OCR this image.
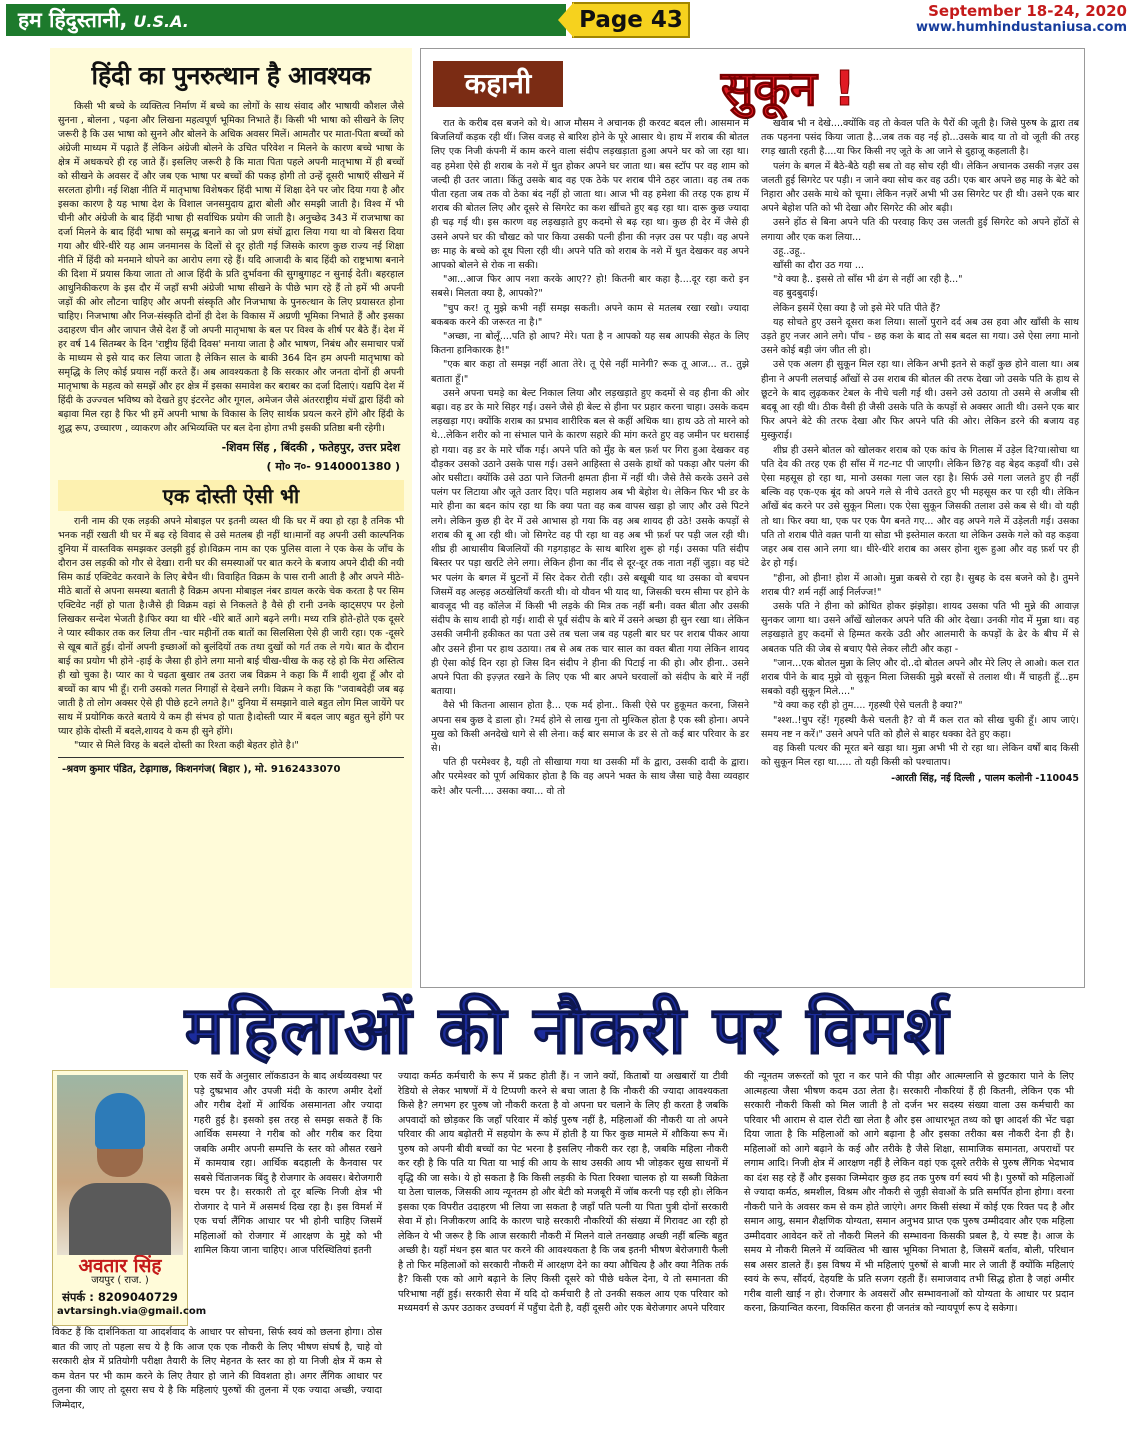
हम हिंदुस्तानी, U.S.A.	Page 43	September 18-24, 2020
www.humhindustaniusa.com
हिंदी का पुनरुत्थान है आवश्यक

किसी भी बच्चे के व्यक्तित्व निर्माण में बच्चे का लोगों के साथ संवाद और भाषायी कौशल जैसे सुनना , बोलना , पढ़ना और लिखना महत्वपूर्ण भूमिका निभाते हैं। किसी भी भाषा को सीखने के लिए जरूरी है कि उस भाषा को सुनने और बोलने के अधिक अवसर मिलें। आमतौर पर माता-पिता बच्चों को अंग्रेजी माध्यम में पढ़ाते हैं लेकिन अंग्रेजी बोलने के उचित परिवेश न मिलने के कारण बच्चे भाषा के क्षेत्र में अधकचरे ही रह जाते हैं। इसलिए जरूरी है कि माता पिता पहले अपनी मातृभाषा में ही बच्चों को सीखने के अवसर दें और जब एक भाषा पर बच्चों की पकड़ होगी तो उन्हें दूसरी भाषाएँ सीखने में सरलता होगी। नई शिक्षा नीति में मातृभाषा विशेषकर हिंदी भाषा में शिक्षा देने पर जोर दिया गया है और इसका कारण है यह भाषा देश के विशाल जनसमुदाय द्वारा बोली और समझी जाती है। विश्व में भी चीनी और अंग्रेजी के बाद हिंदी भाषा ही सर्वाधिक प्रयोग की जाती है। अनुच्छेद 343 में राजभाषा का दर्जा मिलने के बाद हिंदी भाषा को समृद्ध बनाने का जो प्रण संघों द्वारा लिया गया था वो बिसरा दिया गया और धीरे-धीरे यह आम जनमानस के दिलों से दूर होती गई जिसके कारण कुछ राज्य नई शिक्षा नीति में हिंदी को मनमाने थोपने का आरोप लगा रहे हैं। यदि आजादी के बाद हिंदी को राष्ट्रभाषा बनाने की दिशा में प्रयास किया जाता तो आज हिंदी के प्रति दुर्भावना की सुगबुगाहट न सुनाई देती। बहरहाल आधुनिकीकरण के इस दौर में जहाँ सभी अंग्रेजी भाषा सीखने के पीछे भाग रहे हैं तो हमें भी अपनी जड़ों की ओर लौटना चाहिए और अपनी संस्कृति और निजभाषा के पुनरुत्थान के लिए प्रयासरत होना चाहिए। निजभाषा और निज-संस्कृति दोनों ही देश के विकास में अग्रणी भूमिका निभाते हैं और इसका उदाहरण चीन और जापान जैसे देश हैं जो अपनी मातृभाषा के बल पर विश्व के शीर्ष पर बैठे हैं। देश में हर वर्ष 14 सितम्बर के दिन 'राष्ट्रीय हिंदी दिवस' मनाया जाता है और भाषण, निबंध और समाचार पत्रों के माध्यम से इसे याद कर लिया जाता है लेकिन साल के बाकी 364 दिन हम अपनी मातृभाषा को समृद्धि के लिए कोई प्रयास नहीं करते हैं। अब आवश्यकता है कि सरकार और जनता दोनों ही अपनी मातृभाषा के महत्व को समझें और हर क्षेत्र में इसका समावेश कर बराबर का दर्जा दिलाएं। यद्यपि देश में हिंदी के उज्ज्वल भविष्य को देखते हुए इंटरनेट और गूगल, अमेजन जैसे अंतरराष्ट्रीय मंचों द्वारा हिंदी को बढ़ावा मिल रहा है फिर भी हमें अपनी भाषा के विकास के लिए सार्थक प्रयत्न करने होंगे और हिंदी के शुद्ध रूप, उच्चारण , व्याकरण और अभिव्यक्ति पर बल देना होगा तभी इसकी प्रतिष्ठा बनी रहेगी।

-शिवम सिंह , बिंदकी , फतेहपुर, उत्तर प्रदेश
( मो० न०- 9140001380 )
एक दोस्ती ऐसी भी

रानी नाम की एक लड़की अपने मोबाइल पर इतनी व्यस्त थी कि घर में क्या हो रहा है तनिक भी भनक नहीं रखती थी घर में बढ़ रहे विवाद से उसे मतलब ही नहीं था।मानों वह अपनी उसी काल्पनिक दुनिया में वास्तविक समझकर उलझी हुई हो।विक्रम नाम का एक पुलिस वाला ने एक केस के जाँच के दौरान उस लड़की को गौर से देखा। रानी घर की समस्याओं पर बात करने के बजाय अपने दीदी की नयी सिम कार्ड एक्टिवेट करवाने के लिए बेचैन थी। विवाहित विक्रम के पास रानी आती है और अपने मीठे-मीठे बातों से अपना समस्या बताती है विक्रम अपना मोबाइल नंबर डायल करके चेक करता है पर सिम एक्टिवेट नहीं हो पाता है।जैसे ही विक्रम वहां से निकलते है वैसे ही रानी उनके व्हाट्सएप पर हेलो लिखकर सन्देश भेजती है।फिर क्या था धीरे -धीरे बातें आगे बढ़ने लगी। मध्य रात्रि होते-होते एक दूसरे ने प्यार स्वीकार तक कर लिया तीन -चार महीनों तक बातों का सिलसिला ऐसे ही जारी रहा। एक -दूसरे से खूब बातें हुई। दोनों अपनी इच्छाओं को बुलंदियों तक तथा दुखों को गर्त तक ले गये। बात के दौरान बाई का प्रयोग भी होने -हाई के जैसा ही होने लगा मानो बाई चीख-चीख के कह रहे हो कि मेरा अस्तित्व ही खो चुका है। प्यार का ये चढ़ता बुखार तब उतरा जब विक्रम ने कहा कि मैं शादी शुदा हूँ और दो बच्चों का बाप भी हूँ। रानी उसको गलत निगाहों से देखने लगी। विक्रम ने कहा कि "जवाबदेही जब बढ़ जाती है तो लोग अक्सर ऐसे ही पीछे हटने लगते है।" दुनिया में समझाने वाले बहुत लोग मिल जायेंगे पर साथ में प्रयोगिक करते बताये ये कम ही संभव हो पाता है।दोस्ती प्यार में बदल जाए बहुत सुने होंगे पर प्यार होके दोस्ती में बदले,शायद ये कम ही सुने होंगे।

"प्यार से मिले विरह के बदले दोस्ती का रिश्ता कही बेहतर होते है।"

-श्रवण कुमार पंडित, टेढ़ागाछ, किशनगंज( बिहार ), मो. 9162433070
कहानी	सुकून !

रात के करीब दस बजने को थे। आज मौसम ने अचानक ही करवट बदल ली। आसमान में बिजलियाँ कड़क रही थीं। जिस वजह से बारिश होने के पूरे आसार थे। हाथ में शराब की बोतल लिए एक निजी कंपनी में काम करने वाला संदीप लड़खड़ाता हुआ अपने घर को जा रहा था। वह हमेशा ऐसे ही शराब के नशे में धुत होकर अपने घर जाता था। बस स्टॉप पर वह शाम को जल्दी ही उतर जाता। किंतु उसके बाद वह एक ठेके पर शराब पीने ठहर जाता। वह तब तक पीता रहता जब तक वो ठेका बंद नहीं हो जाता था। आज भी वह हमेशा की तरह एक हाथ में शराब की बोतल लिए और दूसरे से सिगरेट का कश खींचते हुए बढ़ रहा था। दारू कुछ ज्यादा ही चढ़ गई थी। इस कारण वह लड़खड़ाते हुए कदमो से बढ़ रहा था। कुछ ही देर में जैसे ही उसने अपने घर की चौखट को पार किया उसकी पत्नी हीना की नज़र उस पर पड़ी। वह अपने छः माह के बच्चे को दूध पिला रही थी। अपने पति को शराब के नशे में धुत देखकर वह अपने आपको बोलने से रोक ना सकी।

"आ...आज फिर आप नशा करके आए?? हो! कितनी बार कहा है....दूर रहा करो इन सबसे। मिलता क्या है, आपको?"

"चुप कर! तू मुझे कभी नहीं समझ सकती। अपने काम से मतलब रखा रखो। ज्यादा बकबक करने की जरूरत ना है।"

"अच्छा, ना बोलूँ....पति हो आप? मेरे। पता है न आपको यह सब आपकी सेहत के लिए कितना हानिकारक है!"

"एक बार कहा तो समझ नहीं आता तेरे। तू ऐसे नहीं मानेगी? रूक तू आज... त.. तुझे बताता हूँ।"

उसने अपना चमड़े का बेल्ट निकाल लिया और लड़खड़ाते हुए कदमों से वह हीना की ओर बढ़ा। वह डर के मारे सिहर गई। उसने जैसे ही बेल्ट से हीना पर प्रहार करना चाहा। उसके कदम लड़खड़ा गए। क्योंकि शराब का प्रभाव शारीरिक बल से कहीं अधिक था। हाथ उठे तो मारने को थे...लेकिन शरीर को ना संभाल पाने के कारण सहारे की मांग करते हुए वह जमीन पर धरासाई हो गया। वह डर के मारे चौंक गई। अपने पति को मुँह के बल फ़र्श पर गिरा हुआ देखकर वह दौड़कर उसको उठाने उसके पास गई। उसने आहिस्ता से उसके हाथों को पकड़ा और पलंग की ओर घसीटा। क्योंकि उसे उठा पाने जितनी क्षमता हीना में नहीं थी। जैसे तैसे करके उसने उसे पलंग पर लिटाया और जूते उतार दिए। पति महाशय अब भी बेहोश थे। लेकिन फिर भी डर के मारे हीना का बदन कांप रहा था कि क्या पता वह कब वापस खड़ा हो जाए और उसे पिटने लगे। लेकिन कुछ ही देर में उसे आभास हो गया कि वह अब शायद ही उठे! उसके कपड़ों से शराब की बू आ रही थी। जो सिगरेट वह पी रहा था वह अब भी फ़र्श पर पड़ी जल रही थी। शीघ्र ही आधासीय बिजलियों की गड़गड़ाहट के साथ बारिश शुरू हो गई। उसका पति संदीप बिस्तर पर पड़ा खर्राटे लेने लगा। लेकिन हीना का नींद से दूर-दूर तक नाता नहीं जुड़ा। वह घंटे भर पलंग के बगल में घुटनों में सिर देकर रोती रही। उसे बखूबी याद था उसका वो बचपन जिसमें वह अल्हड़ अठखेलियाँ करती थी। वो यौवन भी याद था, जिसकी चरम सीमा पर होने के बावजूद भी वह कॉलेज में किसी भी लड़के की मित्र तक नहीं बनी। वक्त बीता और उसकी संदीप के साथ शादी हो गई। शादी से पूर्व संदीप के बारे में उसने अच्छा ही सुन रखा था। लेकिन उसकी जमीनी हकीकत का पता उसे तब चला जब वह पहली बार घर पर शराब पीकर आया और उसने हीना पर हाथ उठाया। तब से अब तक चार साल का वक्त बीता गया लेकिन शायद ही ऐसा कोई दिन रहा हो जिस दिन संदीप ने हीना की पिटाई ना की हो। और हीना.. उसने अपने पिता की इज़्ज़त रखने के लिए एक भी बार अपने घरवालों को संदीप के बारे में नहीं बताया।

वैसे भी कितना आसान होता है... एक मर्द होना.. किसी ऐसे पर हुकूमत करना, जिसने अपना सब कुछ दे डाला हो। ?मर्द होने से लाख गुना तो मुश्किल होता है एक स्त्री होना। अपने मुख को किसी अनदेखे धागे से सी लेना। कई बार समाज के डर से तो कई बार परिवार के डर से।

पति ही परमेश्वर है, यही तो सीखाया गया था उसकी माँ के द्वारा, उसकी दादी के द्वारा। और परमेश्वर को पूर्ण अधिकार होता है कि वह अपने भक्त के साथ जैसा चाहे वैसा व्यवहार करे! और पत्नी.... उसका क्या... वो तो

खवाब भी न देखे....क्योंकि वह तो केवल पति के पैरों की जूती है। जिसे पुरुष के द्वारा तब तक पहनना पसंद किया जाता है...जब तक वह नई हो...उसके बाद या तो वो जूती की तरह रगड़ खाती रहती है....या फिर किसी नए जूते के आ जाने से दुहाजू कहलाती है।

पलंग के बगल में बैठे-बैठे यही सब तो वह सोच रही थी। लेकिन अचानक उसकी नज़र उस जलती हुई सिगरेट पर पड़ी। न जाने क्या सोच कर वह उठी। एक बार अपने छह माह के बेटे को निहारा और उसके माथे को चूमा। लेकिन नज़रें अभी भी उस सिगरेट पर ही थी। उसने एक बार अपने बेहोश पति को भी देखा और सिगरेट की ओर बढ़ी।

उसने होंठ से बिना अपने पति की परवाह किए उस जलती हुई सिगरेट को अपने होंठों से लगाया और एक कश लिया...

उहू..उहू..

खाँसी का दौरा उठ गया ...

"ये क्या है.. इससे तो साँस भी ढंग से नहीं आ रही है..."

वह बुदबुदाई।

लेकिन इसमें ऐसा क्या है जो इसे मेरे पति पीते हैं?

यह सोचते हुए उसने दूसरा कश लिया। सालों पुराने दर्द अब उस हवा और खाँसी के साथ उड़ते हुए नजर आने लगे। पाँच - छह कश के बाद तो सब बदल सा गया। उसे ऐसा लगा मानो उसने कोई बड़ी जंग जीत ली हो।

उसे एक अलग ही सुकून मिल रहा था। लेकिन अभी इतने से कहाँ कुछ होने वाला था। अब हीना ने अपनी ललचाई आँखों से उस शराब की बोतल की तरफ देखा जो उसके पति के हाथ से छूटने के बाद लुढ़ककर टेबल के नीचे चली गई थी। उसने उसे उठाया तो उसमे से अजीब सी बदबू आ रही थी। ठीक वैसी ही जैसी उसके पति के कपड़ों से अक्सर आती थी। उसने एक बार फिर अपने बेटे की तरफ देखा और फिर अपने पति की ओर। लेकिन डरने की बजाय वह मुस्कुराई।

शीघ्र ही उसने बोतल को खोलकर शराब को एक कांच के गिलास में उड़ेल दि?या।सोचा था पति देव की तरह एक ही साँस में गट-गट पी जाएगी। लेकिन छि?ह वह बेहद कड़वाँ थी। उसे ऐसा महसूस हो रहा था, मानो उसका गला जल रहा है। सिर्फ उसे गला जलते हुए ही नहीं बल्कि वह एक-एक बूंद को अपने गले से नीचे उतरते हुए भी महसूस कर पा रही थी। लेकिन आँखें बंद करने पर उसे सुकून मिला। एक ऐसा सुकून जिसकी तलाश उसे कब से थी। वो यही तो था। फिर क्या था, एक पर एक पैग बनते गए... और वह अपने गले में उड़ेलती गई। उसका पति तो शराब पीते वक़्त पानी या सोडा भी इस्तेमाल करता था लेकिन उसके गले को वह कड़वा जहर अब रास आने लगा था। धीरे-धीरे शराब का असर होना शुरू हुआ और वह फ़र्श पर ही ढेर हो गई।

"हीना, ओ हीना! होश में आओ। मुन्ना कबसे रो रहा है। सुबह के दस बजने को है। तुमने शराब पी? शर्म नहीं आई निर्लज्ज!"

उसके पति ने हीना को क्रोधित होकर झंझोड़ा। शायद उसका पति भी मुन्ने की आवाज़ सुनकर जागा था। उसने आँखें खोलकर अपने पति की ओर देखा। उनकी गोद में मुन्ना था। वह लड़खड़ाते हुए कदमों से हिम्मत करके उठी और आलमारी के कपड़ों के ढेर के बीच में से अबतक पति की जेब से बचाए पैसे लेकर लौटी और कहा -

"जान...एक बोतल मुन्ना के लिए और दो..दो बोतल अपने और मेरे लिए ले आओ। कल रात शराब पीने के बाद मुझे वो सुकून मिला जिसकी मुझे बरसों से तलाश थी। मैं चाहती हूँ...हम सबको वही सुकून मिले...."

"ये क्या कह रही हो तुम.... गृहस्थी ऐसे चलती है क्या?"

"श्श्श..!चुप रहें! गृहस्थी कैसे चलती है? वो मैं कल रात को सीख चुकी हूँ। आप जाएं। समय नष्ट न करें।" उसने अपने पति को हौले से बाहर धक्का देते हुए कहा।

वह किसी पत्थर की मूरत बने खड़ा था। मुन्ना अभी भी रो रहा था। लेकिन वर्षों बाद किसी को सुकून मिल रहा था..... तो यही किसी को पश्चाताप।

-आरती सिंह, नई दिल्ली , पालम कलोनी -110045
महिलाओं की नौकरी पर विमर्श
अवतार सिंह
जयपुर ( राज. )
संपर्क : 8209040729
avtarsingh.via@gmail.com

एक सर्वे के अनुसार लॉकडाउन के बाद अर्थव्यवस्था पर पड़े दुष्प्रभाव और उपजी मंदी के कारण अमीर देशों और गरीब देशों में आर्थिक असमानता और ज्यादा गहरी हुई है। इसको इस तरह से समझ सकते हैं कि आर्थिक समस्या ने गरीब को और गरीब कर दिया जबकि अमीर अपनी सम्पत्ति के स्तर को औसत रखने में कामयाब रहा। आर्थिक बदहाली के कैनवास पर सबसे चिंताजनक बिंदु है रोजगार के अवसर। बेरोजगारी चरम पर है। सरकारी तो दूर बल्कि निजी क्षेत्र भी रोजगार दे पाने में असमर्थ दिख रहा है। इस विमर्श में एक चर्चा लैंगिक आधार पर भी होनी चाहिए जिसमें महिलाओं को रोजगार में आरक्षण के मुद्दे को भी शामिल किया जाना चाहिए। आज परिस्थितियां इतनी

विकट हैं कि दार्शनिकता या आदर्शवाद के आधार पर सोचना, सिर्फ स्वयं को छलना होगा। ठोस बात की जाए तो पहला सच ये है कि आज एक एक नौकरी के लिए भीषण संघर्ष है, चाहे वो सरकारी क्षेत्र में प्रतियोगी परीक्षा तैयारी के लिए मेहनत के स्तर का हो या निजी क्षेत्र में कम से कम वेतन पर भी काम करने के लिए तैयार हो जाने की विवशता हो। अगर लैंगिक आधार पर तुलना की जाए तो दूसरा सच ये है कि महिलाएं पुरुषों की तुलना में एक ज्यादा अच्छी, ज्यादा जिम्मेदार,

ज्यादा कर्मठ कर्मचारी के रूप में प्रकट होती हैं। न जाने क्यों, किताबों या अखबारों या टीवी रेडियो से लेकर भाषणों में ये टिप्पणी करने से बचा जाता है कि नौकरी की ज्यादा आवश्यकता किसे है? लगभग हर पुरुष जो नौकरी करता है वो अपना घर चलाने के लिए ही करता है जबकि अपवादों को छोड़कर कि जहाँ परिवार में कोई पुरुष नहीं है, महिलाओं की नौकरी या तो अपने परिवार की आय बढ़ोतरी में सहयोग के रूप में होती है या फिर कुछ मामले में शौकिया रूप में। पुरुष को अपनी बीवी बच्चों का पेट भरना है इसलिए नौकरी कर रहा है, जबकि महिला नौकरी कर रही है कि पति या पिता या भाई की आय के साथ उसकी आय भी जोड़कर सुख साधनों में वृद्धि की जा सके। ये हो सकता है कि किसी लड़की के पिता रिक्शा चालक हो या सब्जी विक्रेता या ठेला चालक, जिसकी आय न्यूनतम हो और बेटी को मजबूरी में जॉब करनी पड़ रही हो। लेकिन इसका एक विपरीत उदाहरण भी लिया जा सकता है जहाँ पति पत्नी या पिता पुत्री दोनों सरकारी सेवा में हो। निजीकरण आदि के कारण चाहे सरकारी नौकरियों की संख्या में गिरावट आ रही हो लेकिन ये भी जरूर है कि आज सरकारी नौकरी में मिलने वाले तनख्वाह अच्छी नहीं बल्कि बहुत अच्छी है। यहाँ मंथन इस बात पर करने की आवश्यकता है कि जब इतनी भीषण बेरोजगारी फैली है तो फिर महिलाओं को सरकारी नौकरी में आरक्षण देने का क्या औचित्य है और क्या नैतिक तर्क है? किसी एक को आगे बढ़ाने के लिए किसी दूसरे को पीछे धकेल देना, ये तो समानता की परिभाषा नहीं हुई। सरकारी सेवा में यदि दो कर्मचारी है तो उनकी सकल आय एक परिवार को मध्यमवर्ग से ऊपर उठाकर उच्चवर्ग में पहुँचा देती है, वहीं दूसरी ओर एक बेरोजगार अपने परिवार

की न्यूनतम जरूरतों को पूरा न कर पाने की पीड़ा और आत्मग्लानि से छुटकारा पाने के लिए आत्महत्या जैसा भीषण कदम उठा लेता है। सरकारी नौकरियां हैं ही कितनी, लेकिन एक भी सरकारी नौकरी किसी को मिल जाती है तो दर्जन भर सदस्य संख्या वाला उस कर्मचारी का परिवार भी आराम से दाल रोटी खा लेता है और इस आधारभूत तथ्य को छ्वा आदर्श की भेंट चढ़ा दिया जाता है कि महिलाओं को आगे बढ़ाना है और इसका तरीका बस नौकरी देना ही है। महिलाओं को आगे बढ़ाने के कई और तरीके है जैसे शिक्षा, सामाजिक समानता, अपराधों पर लगाम आदि। निजी क्षेत्र में आरक्षण नहीं है लेकिन वहां एक दूसरे तरीके से पुरुष लैंगिक भेदभाव का दंश सह रहे हैं और इसका जिम्मेदार कुछ हद तक पुरुष वर्ग स्वयं भी है। पुरुषों को महिलाओं से ज्यादा कर्मठ, श्रमशील, विश्रम और नौकरी से जुड़ी सेवाओं के प्रति समर्पित होना होगा। वरना नौकरी पाने के अवसर कम से कम होते जाएंगे। अगर किसी संस्था में कोई एक रिक्त पद है और समान आयु, समान शैक्षणिक योग्यता, समान अनुभव प्राप्त एक पुरुष उम्मीदवार और एक महिला उम्मीदवार आवेदन करें तो नौकरी मिलने की सम्भावना किसकी प्रबल है, ये स्पष्ट है। आज के समय मे नौकरी मिलने में व्यक्तित्व भी खास भूमिका निभाता है, जिसमें बर्ताव, बोली, परिधान सब असर डालते हैं। इस विषय में भी महिलाएं पुरुषों से बाजी मार ले जाती हैं क्योंकि महिलाएं स्वयं के रूप, सौंदर्य, देहयष्टि के प्रति सजग रहती हैं। समाजवाद तभी सिद्ध होता है जहां अमीर गरीब वाली खाई न हो। रोजगार के अवसरों और सम्भावनाओं को योग्यता के आधार पर प्रदान करना, क्रियान्वित करना, विकसित करना ही जनतंत्र को न्यायपूर्ण रूप दे सकेगा।
